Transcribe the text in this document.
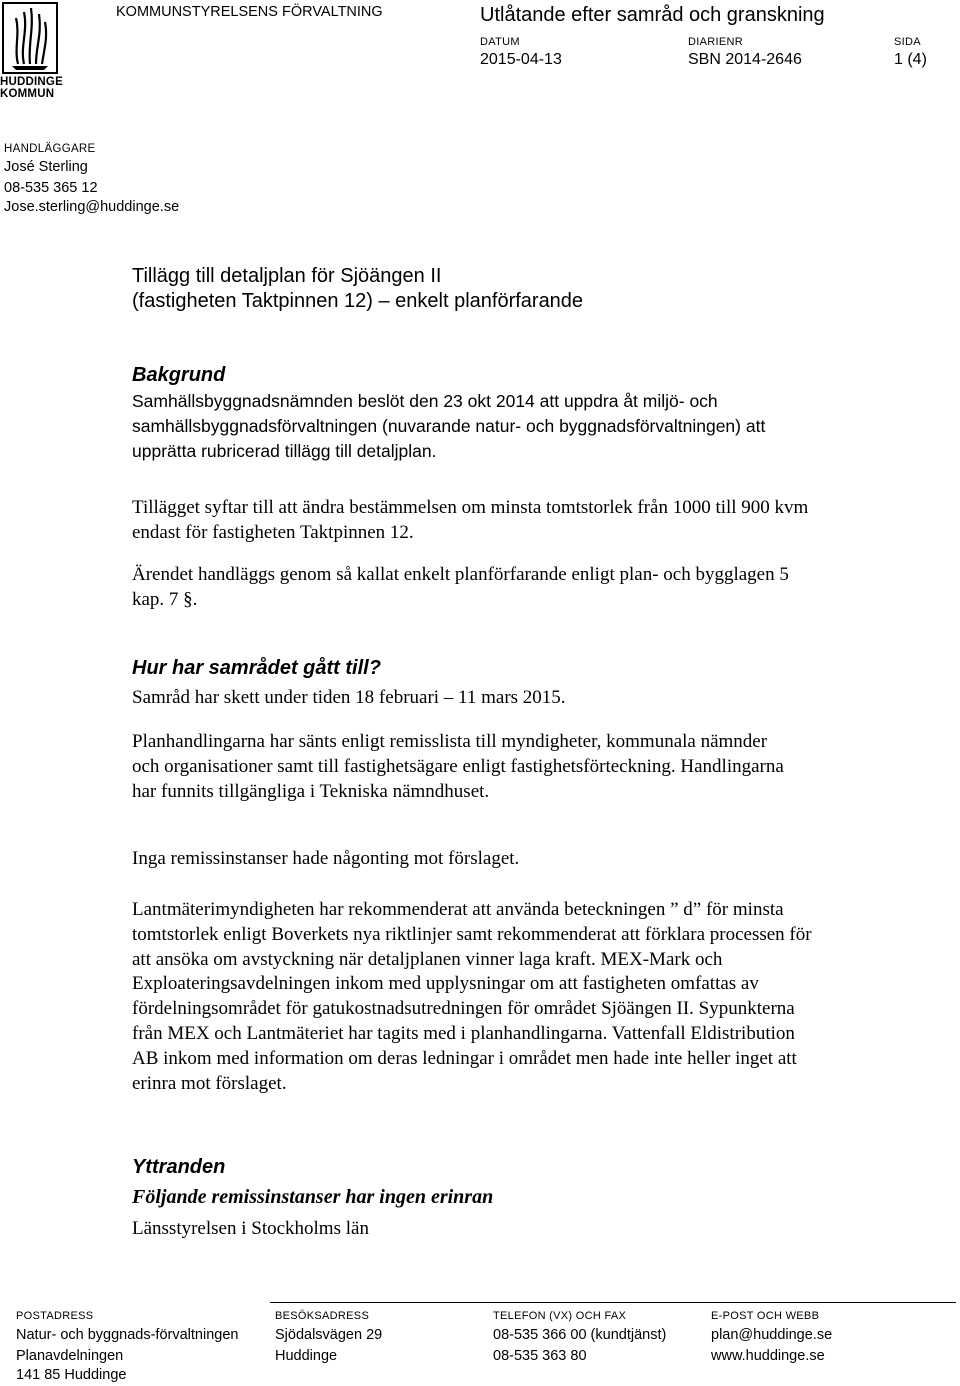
HUDDINGE
KOMMUN
KOMMUNSTYRELSENS FÖRVALTNING	Utlåtande efter samråd och granskning
DATUM
2015-04-13
DIARIENR
SBN 2014-2646
SIDA
1 (4)
HANDLÄGGARE
José Sterling
08-535 365 12
Jose.sterling@huddinge.se
Tillägg till detaljplan för Sjöängen II
(fastigheten Taktpinnen 12) – enkelt planförfarande
Bakgrund
Samhällsbyggnadsnämnden beslöt den 23 okt 2014 att uppdra åt miljö- och samhällsbyggnadsförvaltningen (nuvarande natur- och byggnadsförvaltningen) att upprätta rubricerad tillägg till detaljplan.
Tillägget syftar till att ändra bestämmelsen om minsta tomtstorlek från 1000 till 900 kvm endast för fastigheten Taktpinnen 12.
Ärendet handläggs genom så kallat enkelt planförfarande enligt plan- och bygglagen 5 kap. 7 §.
Hur har samrådet gått till?
Samråd har skett under tiden 18 februari – 11 mars 2015.
Planhandlingarna har sänts enligt remisslista till myndigheter, kommunala nämnder och organisationer samt till fastighetsägare enligt fastighetsförteckning. Handlingarna har funnits tillgängliga i Tekniska nämndhuset.
Inga remissinstanser hade någonting mot förslaget.
Lantmäterimyndigheten har rekommenderat att använda beteckningen ” d” för minsta tomtstorlek enligt Boverkets nya riktlinjer samt rekommenderat att förklara processen för att ansöka om avstyckning när detaljplanen vinner laga kraft. MEX-Mark och Exploateringsavdelningen inkom med upplysningar om att fastigheten omfattas av fördelningsområdet för gatukostnadsutredningen för området Sjöängen II. Sypunkterna från MEX och Lantmäteriet har tagits med i planhandlingarna. Vattenfall Eldistribution AB inkom med information om deras ledningar i området men hade inte heller inget att erinra mot förslaget.
Yttranden
Följande remissinstanser har ingen erinran
Länsstyrelsen i Stockholms län
POSTADRESS
Natur- och byggnads-förvaltningen
Planavdelningen
141 85 Huddinge
BESÖKSADRESS
Sjödalsvägen 29
Huddinge
TELEFON (VX) OCH FAX
08-535 366 00 (kundtjänst)
08-535 363 80
E-POST OCH WEBB
plan@huddinge.se
www.huddinge.se
